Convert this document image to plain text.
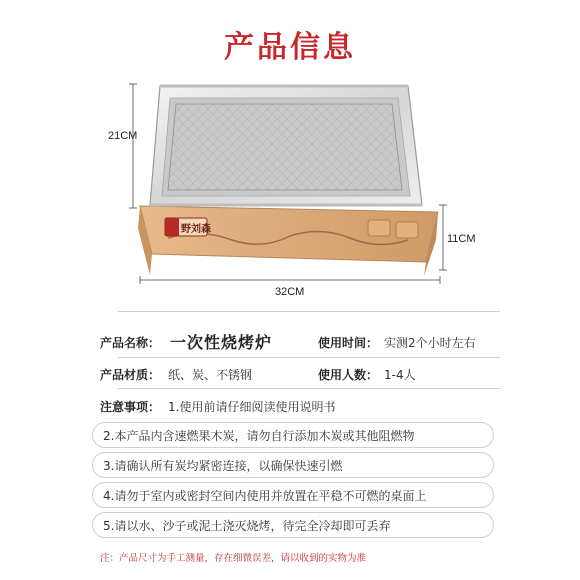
产品信息
21CM
11CM
32CM
野刘森
产品名称： 一次性烧烤炉	使用时间： 实测2个小时左右
产品材质： 纸、炭、不锈钢	使用人数： 1-4人
注意事项： 1.使用前请仔细阅读使用说明书
2.本产品内含速燃果木炭，请勿自行添加木炭或其他阻燃物
3.请确认所有炭均紧密连接，以确保快速引燃
4.请勿于室内或密封空间内使用并放置在平稳不可燃的桌面上
5.请以水、沙子或泥土浇灭烧烤，待完全冷却即可丢弃
注：产品尺寸为手工测量，存在细微误差，请以收到的实物为准
